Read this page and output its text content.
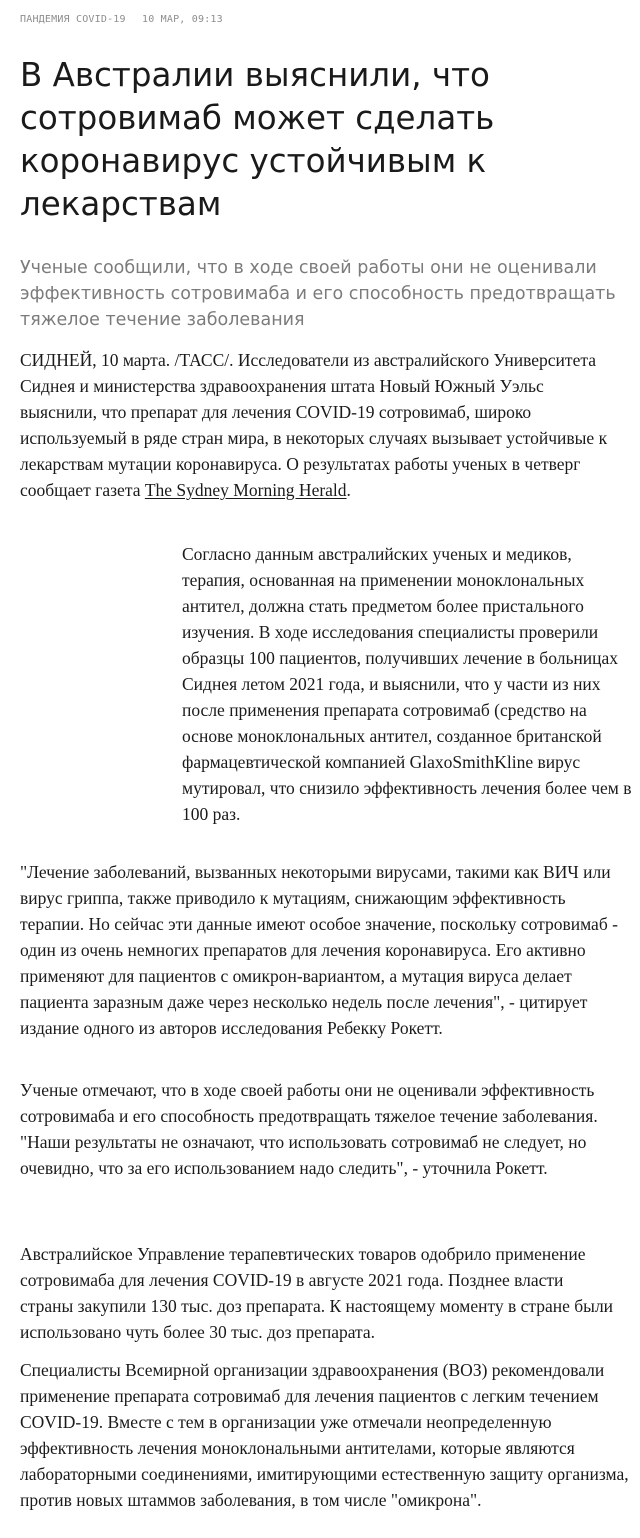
ПАНДЕМИЯ COVID-19 10 МАР, 09:13
В Австралии выяснили, что сотровимаб может сделать коронавирус устойчивым к лекарствам

Ученые сообщили, что в ходе своей работы они не оценивали эффективность сотровимаба и его способность предотвращать тяжелое течение заболевания

СИДНЕЙ, 10 марта. /ТАСС/. Исследователи из австралийского Университета Сиднея и министерства здравоохранения штата Новый Южный Уэльс выяснили, что препарат для лечения COVID-19 сотровимаб, широко используемый в ряде стран мира, в некоторых случаях вызывает устойчивые к лекарствам мутации коронавируса. О результатах работы ученых в четверг сообщает газета The Sydney Morning Herald.

Согласно данным австралийских ученых и медиков, терапия, основанная на применении моноклональных антител, должна стать предметом более пристального изучения. В ходе исследования специалисты проверили образцы 100 пациентов, получивших лечение в больницах Сиднея летом 2021 года, и выяснили, что у части из них после применения препарата сотровимаб (средство на основе моноклональных антител, созданное британской фармацевтической компанией GlaxoSmithKline вирус мутировал, что снизило эффективность лечения более чем в 100 раз.

"Лечение заболеваний, вызванных некоторыми вирусами, такими как ВИЧ или вирус гриппа, также приводило к мутациям, снижающим эффективность терапии. Но сейчас эти данные имеют особое значение, поскольку сотровимаб - один из очень немногих препаратов для лечения коронавируса. Его активно применяют для пациентов с омикрон-вариантом, а мутация вируса делает пациента заразным даже через несколько недель после лечения", - цитирует издание одного из авторов исследования Ребекку Рокетт.

Ученые отмечают, что в ходе своей работы они не оценивали эффективность сотровимаба и его способность предотвращать тяжелое течение заболевания. "Наши результаты не означают, что использовать сотровимаб не следует, но очевидно, что за его использованием надо следить", - уточнила Рокетт.

Австралийское Управление терапевтических товаров одобрило применение сотровимаба для лечения COVID-19 в августе 2021 года. Позднее власти страны закупили 130 тыс. доз препарата. К настоящему моменту в стране были использовано чуть более 30 тыс. доз препарата.

Специалисты Всемирной организации здравоохранения (ВОЗ) рекомендовали применение препарата сотровимаб для лечения пациентов с легким течением COVID-19. Вместе с тем в организации уже отмечали неопределенную эффективность лечения моноклональными антителами, которые являются лабораторными соединениями, имитирующими естественную защиту организма, против новых штаммов заболевания, в том числе "омикрона".
